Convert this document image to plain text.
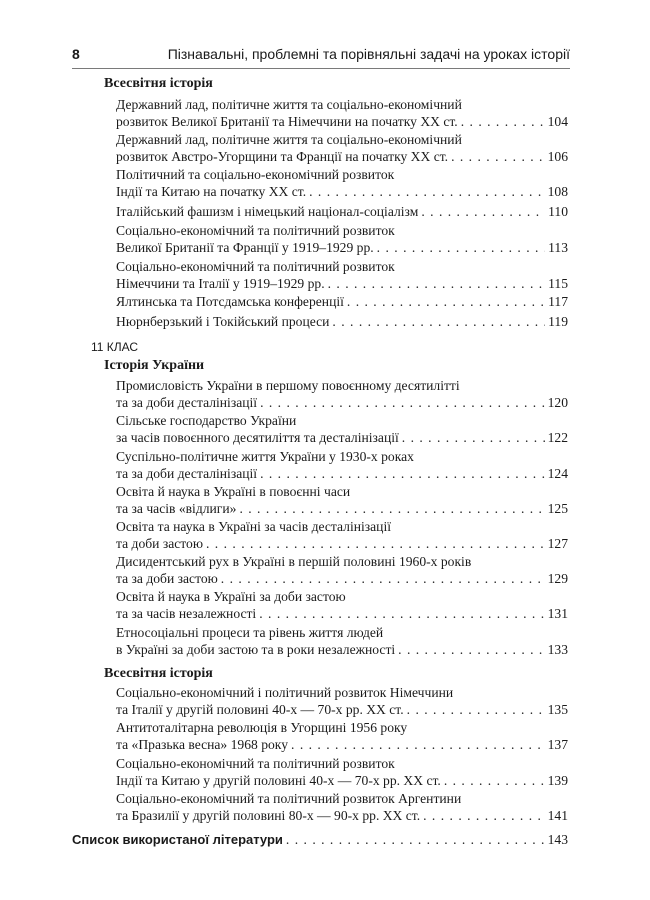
8	Пізнавальні, проблемні та порівняльні задачі на уроках історії
Всесвітня історія
Державний лад, політичне життя та соціально-економічний
розвиток Великої Британії та Німеччини на початку XX ст. . . .	104
Державний лад, політичне життя та соціально-економічний
розвиток Австро-Угорщини та Франції на початку XX ст. . . .	106
Політичний та соціально-економічний розвиток
Індії та Китаю на початку XX ст. . . .	108
Італійський фашизм і німецький націонал-соціалізм . . .	110
Соціально-економічний та політичний розвиток
Великої Британії та Франції у 1919–1929 рр. . . .	113
Соціально-економічний та політичний розвиток
Німеччини та Італії у 1919–1929 рр. . . .	115
Ялтинська та Потсдамська конференції . . .	117
Нюрнберзький і Токійський процеси . . .	119
11 КЛАС
Історія України
Промисловість України в першому повоєнному десятилітті
та за доби десталінізації . . .	120
Сільське господарство України
за часів повоєнного десятиліття та десталінізації . . .	122
Суспільно-політичне життя України у 1930-х роках
та за доби десталінізації . . .	124
Освіта й наука в Україні в повоєнні часи
та за часів «відлиги» . . .	125
Освіта та наука в Україні за часів десталінізації
та доби застою . . .	127
Дисидентський рух в Україні в першій половині 1960-х років
та за доби застою . . .	129
Освіта й наука в Україні за доби застою
та за часів незалежності . . .	131
Етносоціальні процеси та рівень життя людей
в Україні за доби застою та в роки незалежності . . .	133
Всесвітня історія
Соціально-економічний і політичний розвиток Німеччини
та Італії у другій половині 40-х — 70-х рр. XX ст. . . .	135
Антитоталітарна революція в Угорщині 1956 року
та «Празька весна» 1968 року . . .	137
Соціально-економічний та політичний розвиток
Індії та Китаю у другій половині 40-х — 70-х рр. XX ст. . . .	139
Соціально-економічний та політичний розвиток Аргентини
та Бразилії у другій половині 80-х — 90-х рр. XX ст. . . .	141
Список використаної літератури . . .	143
